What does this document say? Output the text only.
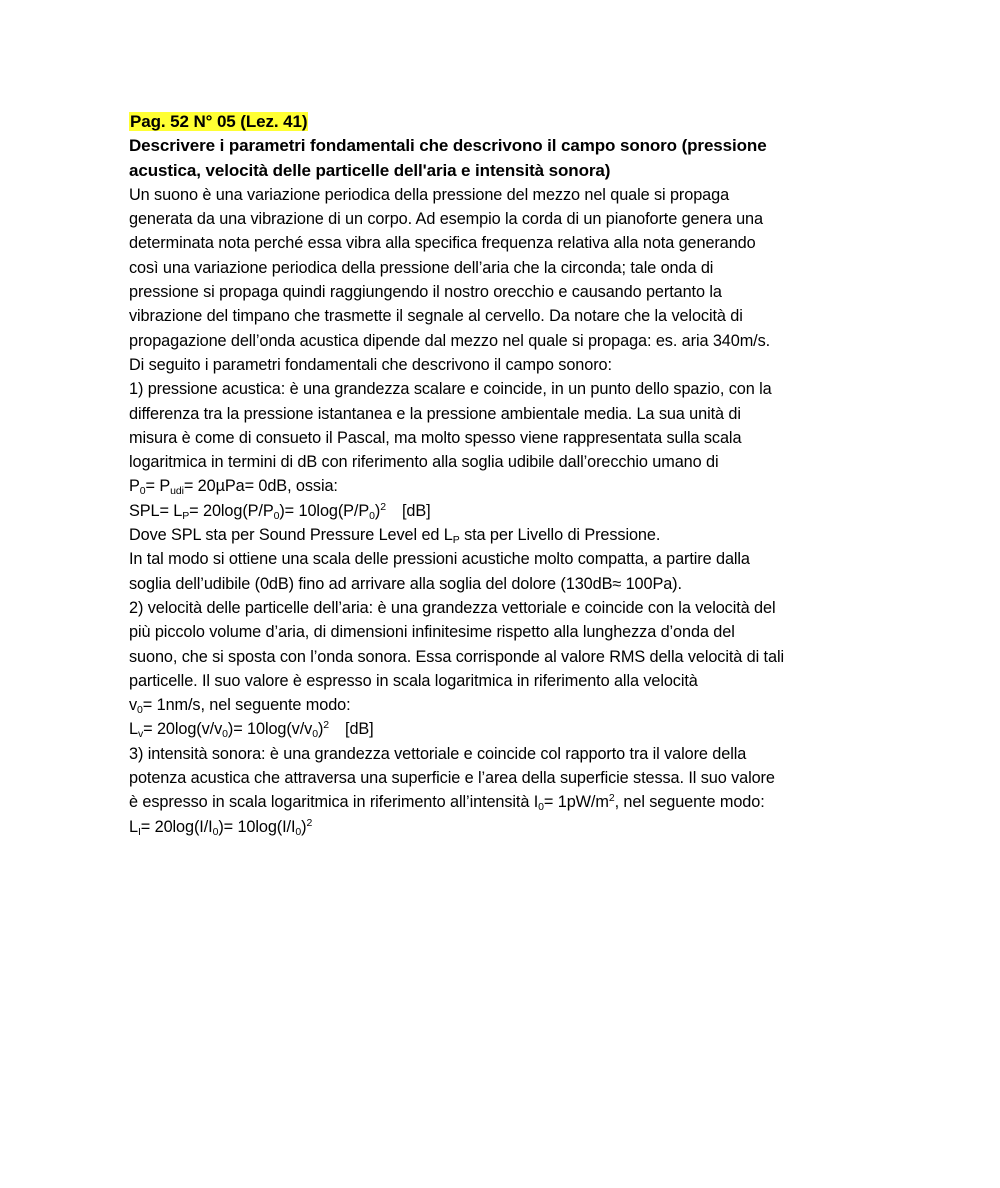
Pag. 52 N° 05 (Lez. 41)
Descrivere i parametri fondamentali che descrivono il campo sonoro (pressione
acustica, velocità delle particelle dell'aria e intensità sonora)
Un suono è una variazione periodica della pressione del mezzo nel quale si propaga
generata da una vibrazione di un corpo. Ad esempio la corda di un pianoforte genera una
determinata nota perché essa vibra alla specifica frequenza relativa alla nota generando
così una variazione periodica della pressione dell’aria che la circonda; tale onda di
pressione si propaga quindi raggiungendo il nostro orecchio e causando pertanto la
vibrazione del timpano che trasmette il segnale al cervello. Da notare che la velocità di
propagazione dell’onda acustica dipende dal mezzo nel quale si propaga: es. aria 340m/s.
Di seguito i parametri fondamentali che descrivono il campo sonoro:
1) pressione acustica: è una grandezza scalare e coincide, in un punto dello spazio, con la
differenza tra la pressione istantanea e la pressione ambientale media. La sua unità di
misura è come di consueto il Pascal, ma molto spesso viene rappresentata sulla scala
logaritmica in termini di dB con riferimento alla soglia udibile dall’orecchio umano di
$P_0= P_{udi}= 20\mu Pa= 0dB$, ossia:
$SPL= L_P= 20\log(P/P_0)= 10\log(P/P_0)^2$ [dB]
Dove SPL sta per Sound Pressure Level ed $L_P$ sta per Livello di Pressione.
In tal modo si ottiene una scala delle pressioni acustiche molto compatta, a partire dalla
soglia dell’udibile (0dB) fino ad arrivare alla soglia del dolore (130dB≈ 100Pa).
2) velocità delle particelle dell’aria: è una grandezza vettoriale e coincide con la velocità del
più piccolo volume d’aria, di dimensioni infinitesime rispetto alla lunghezza d’onda del
suono, che si sposta con l’onda sonora. Essa corrisponde al valore RMS della velocità di tali
particelle. Il suo valore è espresso in scala logaritmica in riferimento alla velocità
$v_0= 1nm/s$, nel seguente modo:
$L_v= 20\log(v/v_0)= 10\log(v/v_0)^2$ [dB]
3) intensità sonora: è una grandezza vettoriale e coincide col rapporto tra il valore della
potenza acustica che attraversa una superficie e l’area della superficie stessa. Il suo valore
è espresso in scala logaritmica in riferimento all’intensità $I_0= 1pW/m^2$, nel seguente modo:
$L_I= 20\log(I/I_0)= 10\log(I/I_0)^2$
